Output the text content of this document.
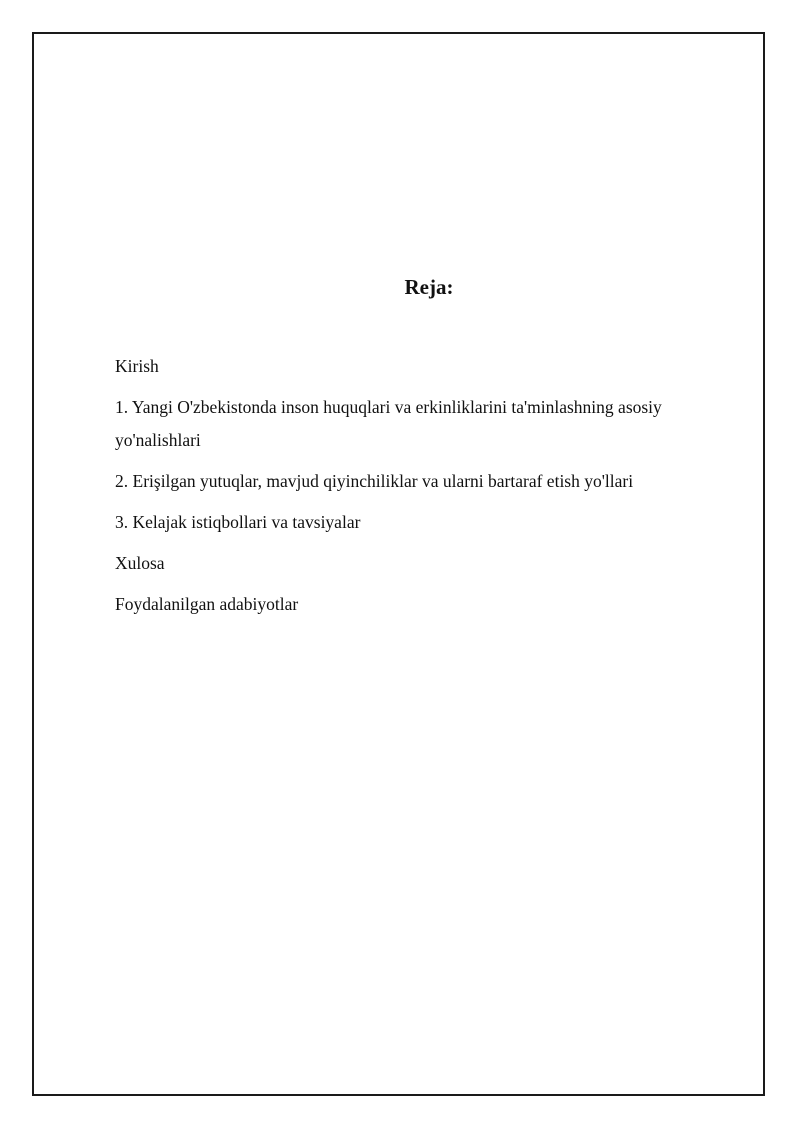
Reja:
Kirish
1. Yangi O'zbekistonda inson huquqlari va erkinliklarini ta'minlashning asosiy yo'nalishlari
2. Erişilgan yutuqlar, mavjud qiyinchiliklar va ularni bartaraf etish yo'llari
3. Kelajak istiqbollari va tavsiyalar
Xulosa
Foydalanilgan adabiyotlar
